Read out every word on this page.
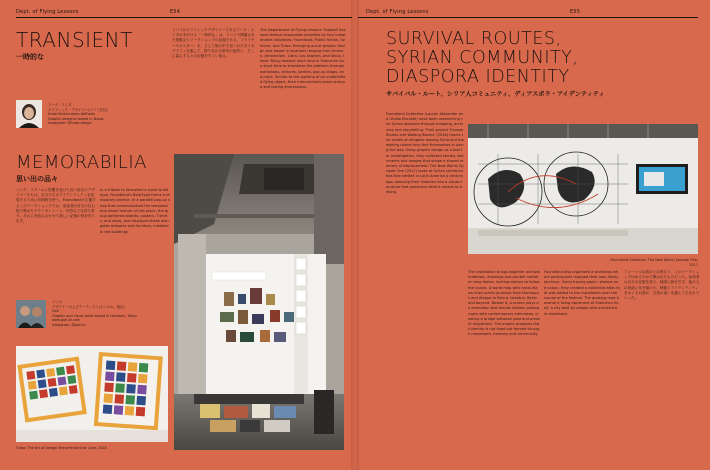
Dept. of Flying Lessons	E54
TRANSIENT
一時的な
ドバイのグラフィックデザイナーであるフーダ・スミタが手がける「一時的な」は、ドバイで開催された展覧会とワークショップの記録である。フライヤーやポスター、本、そして街の中で見つけたタイポグラフィを通して、移り変わる都市の風景と、そこに暮らす人々の記憶をすくい取る。
The Department of Flying Lessons' Football Seasons festival showcases activities by four independent initiatives: Foundland, Public Fiction, Seminar, and Turbo. Emerging out of graphic design and based in locations ranging from Amman, Amsterdam, Cairo, Los Angeles, and Seoul, these 'flying lessons' each land in Shenzhen for a short time to transform the platform through workshops, lectures, parties, pop-up shops, and more. Similar to the sighting of an unidentified flying object, their interventions leave strange and lasting impressions.
フーダ・スミタ
グラフィック・デザイナー(ドバイ在住)
Huda Smitshuijzen AbiFarès
Graphic designer based in Dubai
Instagram: @huda.design
MEMORABILIA
思い出の品々
パンク・スクールに影響を受けた若い世代のデザイナーたちは、自分たちのアイデンティティを表現するために印刷物を使う。Foundlandが主催するこのワークショップでは、参加者が自分の住む街で集めたチラシやレシート、切符などを持ち寄り、それらを組み合わせて新しい記憶の形を作り出す。
In a tribute to Shenzhen's iconic build type, Foundland's Bold type forms a temporary archive. In a parallel pop-up shop that communicated the temporal and visual texture of this place, the group gathered objects, posters, T-shirts, and zines, and displayed these alongside artworks and furniture, installed in the buildings.
ゴッホ
デザイナーおよびアーティスト(ホノルル、東京)
Goh
Graphic and visual artist based in Honolulu, Tokyo
www.goh-tv.com
Instagram: @goh.tv
Turbo: The Art of Design Shenzhen/Art for Love, 2018
Dept. of Flying Lessons	E55
SURVIVAL ROUTES,
SYRIAN COMMUNITY,
DIASPORA IDENTITY
サバイバル・ルート、シリア人コミュニティ、ディアスポラ・アイデンティティ
Foundland Collective (Lauren Alexander and Ghalia Elsrakbi) have been researching the Syrian diaspora through mapping, archiving and storytelling. Their project 'Escape Routes and Waiting Rooms' (2016) traces the routes of refugees leaving Syria and the waiting rooms they find themselves in along the way. Using graphic design as a tool for investigation, they collected stories, documents and images that shape a shared memory of displacement. The New World, Episode One (2017) looks at Syrian communities that settled in Latin America a century ago, weaving their histories into a visual narrative that questions what it means to belong.
Foundland Collective, The New World, Episode One, 2017
The installation brings together archival materials, drawings and printed matter on long tables, inviting visitors to follow the routes. A world map with hand-drawn lines marks journeys from Damascus and Aleppo to Beirut, Istanbul, Berlin and beyond. Beside it, a screen plays an animation that blends historic photographs with contemporary interviews, creating a bridge between past and present migrations. The project proposes that identity is not fixed but formed through movement, memory and community.
Foundland also organised a workshop where participants mapped their own family journeys. Using tracing paper, stamps and colour, they created a collective atlas that was added to the installation over the course of the festival. The growing map became a living document of Shenzhen itself, a city built by people who arrived from elsewhere.
フォーマルな展示とは異なり、このワークショップはゆるやかで開かれたものだった。参加者は自分の記憶を語り、地図に線を引き、他の人の物語に耳を傾けた。移動とアイデンティティをめぐる対話が、言語の違いを越えて生まれていった。
